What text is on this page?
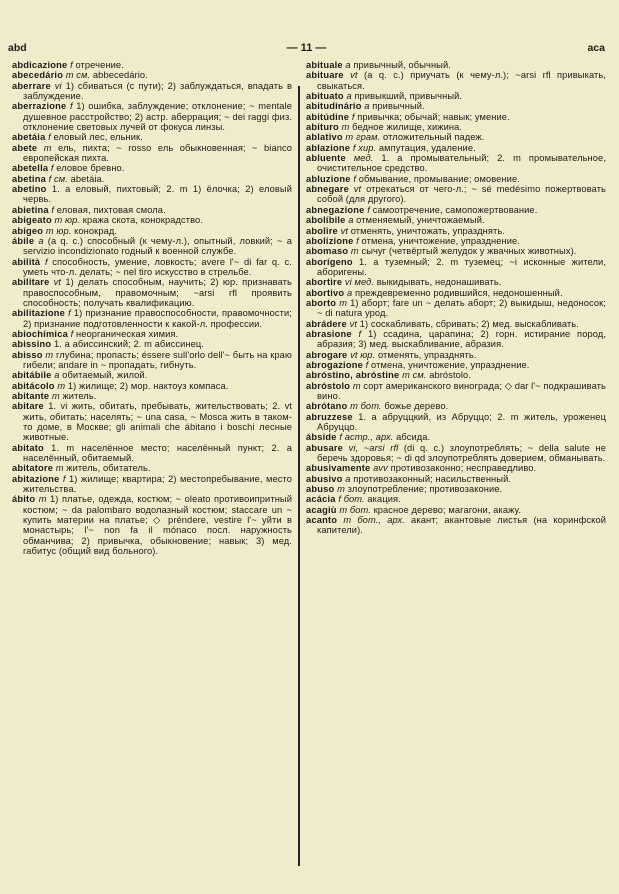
abd	— 11 —	aca
abdicazione f отречение.
abecedário m см. abbecedário.
aberrare vi 1) сбиваться (с пути); 2) заблуждаться, впадать в заблуждение.
aberrazione f 1) ошибка, заблуждение; отклонение; ~ mentale душевное расстройство; 2) астр. аберрация; ~ dei raggi физ. отклонение световых лучей от фокуса линзы.
abetáia f еловый лес, ельник.
abete m ель, пихта; ~ rosso ель обыкновенная; ~ bianco европейская пихта.
abetella f еловое бревно.
abetina f см. abetáia.
abetino 1. a еловый, пихтовый; 2. m 1) ёлочка; 2) еловый червь.
abietina f еловая, пихтовая смола.
abigeato m юр. кража скота, конокрадство.
abigeo m юр. конокрад.
ábile a (a q. c.) способный (к чему-л.), опытный, ловкий; ~ a servizio incondizionato годный к военной службе.
abilità f способность, умение, ловкость; avere l'~ di far q. c. уметь что-л. делать; ~ nel tiro искусство в стрельбе.
abilitare vt 1) делать способным, научить; 2) юр. признавать правоспособным, правомочным; ~arsi rfl проявить способность; получать квалификацию.
abilitazione f 1) признание правоспособности, правомочности; 2) признание подготовленности к какой-л. профессии.
abiochímica f неорганическая химия.
abissino 1. a абиссинский; 2. m абиссинец.
abisso m глубина; пропасть; éssere sull'orlo dell'~ быть на краю гибели; andare in ~ пропадать, гибнуть.
abitábile a обитаемый, жилой.
abitácolo m 1) жилище; 2) мор. нактоуз компаса.
abitante m житель.
abitare 1. vi жить, обитать, пребывать, жительствовать; 2. vt жить, обитать; населять; ~ una casa, ~ Mosca жить в таком-то доме, в Москве; gli animali che ábitano i boschi лесные животные.
abitato 1. m населённое место; населённый пункт; 2. a населённый, обитаемый.
abitatore m житель, обитатель.
abitazione f 1) жилище; квартира; 2) местопребывание, место жительства.
ábito m 1) платье, одежда, костюм; ~ oleato противоипритный костюм; ~ da palombaro водолазный костюм; staccare un ~ купить материи на платье; ◇ préndere, vestire l'~ уйти в монастырь; l'~ non fa il mónaco посл. наружность обманчива; 2) привычка, обыкновение; навык; 3) мед. габитус (общий вид больного).
abituale a привычный, обычный.
abituare vt (a q. c.) приучать (к чему-л.); ~arsi rfl привыкать, свыкаться.
abituato a привыкший, привычный.
abitudinário a привычный.
abitúdine f привычка; обычай; навык; умение.
abituro m бедное жилище, хижина.
ablativo m грам. отложительный падеж.
ablazione f хир. ампутация, удаление.
abluente мед. 1. a промывательный; 2. m промывательное, очистительное средство.
abluzione f обмывание, промывание; омовение.
abnegare vt отрекаться от чего-л.; ~ sé medésimo пожертвовать собой (для другого).
abnegazione f самоотречение, самопожертвование.
abolíbile a отменяемый, уничтожаемый.
abolire vt отменять, уничтожать, упразднять.
abolizione f отмена, уничтожение, упразднение.
abomaso m сычуг (четвёртый желудок у жвачных животных).
aborígeno 1. a туземный; 2. m туземец; ~i исконные жители, аборигены.
abortire vi мед. выкидывать, недонашивать.
abortivo a преждевременно родившийся, недоношенный.
aborto m 1) аборт; fare un ~ делать аборт; 2) выкидыш, недоносок; ~ di natura урод.
abrádere vt 1) соскабливать, сбривать; 2) мед. выскабливать.
abrasione f 1) ссадина, царапина; 2) горн. истирание пород, абразия; 3) мед. выскабливание, абразия.
abrogare vt юр. отменять, упразднять.
abrogazione f отмена, уничтожение, упразднение.
abróstino, abróstine m см. abróstolo.
abróstolo m сорт американского винограда; ◇ dar l'~ подкрашивать вино.
abrótano m бот. божье дерево.
abruzzese 1. a абруццкий, из Абруццо; 2. m житель, уроженец Абруццо.
ábside f астр., арх. абсида.
abusare vi, ~arsi rfl (di q. c.) злоупотреблять; ~ della salute не беречь здоровья; ~ di qd злоупотреблять доверием, обманывать.
abusivamente avv противозаконно; несправедливо.
abusivo a противозаконный; насильственный.
abuso m злоупотребление; противозаконие.
acácia f бот. акация.
acagiù m бот. красное дерево; магагони, акажу.
acanto m бот., арх. акант; акантовые листья (на коринфской капители).
